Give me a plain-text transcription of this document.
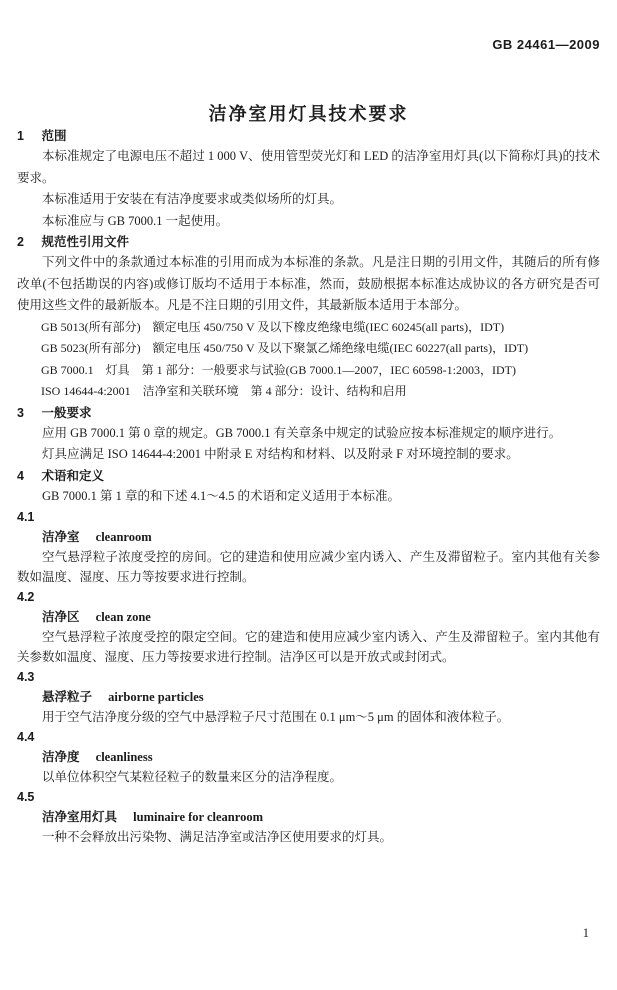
GB 24461—2009
洁净室用灯具技术要求
1 范围

本标准规定了电源电压不超过 1 000 V、使用管型荧光灯和 LED 的洁净室用灯具(以下简称灯具)的技术要求。

本标准适用于安装在有洁净度要求或类似场所的灯具。

本标准应与 GB 7000.1 一起使用。

2 规范性引用文件

下列文件中的条款通过本标准的引用而成为本标准的条款。凡是注日期的引用文件，其随后的所有修改单(不包括勘误的内容)或修订版均不适用于本标准，然而，鼓励根据本标准达成协议的各方研究是否可使用这些文件的最新版本。凡是不注日期的引用文件，其最新版本适用于本部分。

GB 5013(所有部分)　额定电压 450/750 V 及以下橡皮绝缘电缆(IEC 60245(all parts)，IDT)

GB 5023(所有部分)　额定电压 450/750 V 及以下聚氯乙烯绝缘电缆(IEC 60227(all parts)，IDT)

GB 7000.1　灯具　第 1 部分：一般要求与试验(GB 7000.1—2007，IEC 60598-1:2003，IDT)

ISO 14644-4:2001　洁净室和关联环境　第 4 部分：设计、结构和启用

3 一般要求

应用 GB 7000.1 第 0 章的规定。GB 7000.1 有关章条中规定的试验应按本标准规定的顺序进行。

灯具应满足 ISO 14644-4:2001 中附录 E 对结构和材料、以及附录 F 对环境控制的要求。

4 术语和定义

GB 7000.1 第 1 章的和下述 4.1～4.5 的术语和定义适用于本标准。

4.1
洁净室 cleanroom

空气悬浮粒子浓度受控的房间。它的建造和使用应减少室内诱入、产生及滞留粒子。室内其他有关参数如温度、湿度、压力等按要求进行控制。

4.2
洁净区 clean zone

空气悬浮粒子浓度受控的限定空间。它的建造和使用应减少室内诱入、产生及滞留粒子。室内其他有关参数如温度、湿度、压力等按要求进行控制。洁净区可以是开放式或封闭式。

4.3
悬浮粒子 airborne particles

用于空气洁净度分级的空气中悬浮粒子尺寸范围在 0.1 μm～5 μm 的固体和液体粒子。

4.4
洁净度 cleanliness

以单位体积空气某粒径粒子的数量来区分的洁净程度。

4.5
洁净室用灯具 luminaire for cleanroom

一种不会释放出污染物、满足洁净室或洁净区使用要求的灯具。

1
